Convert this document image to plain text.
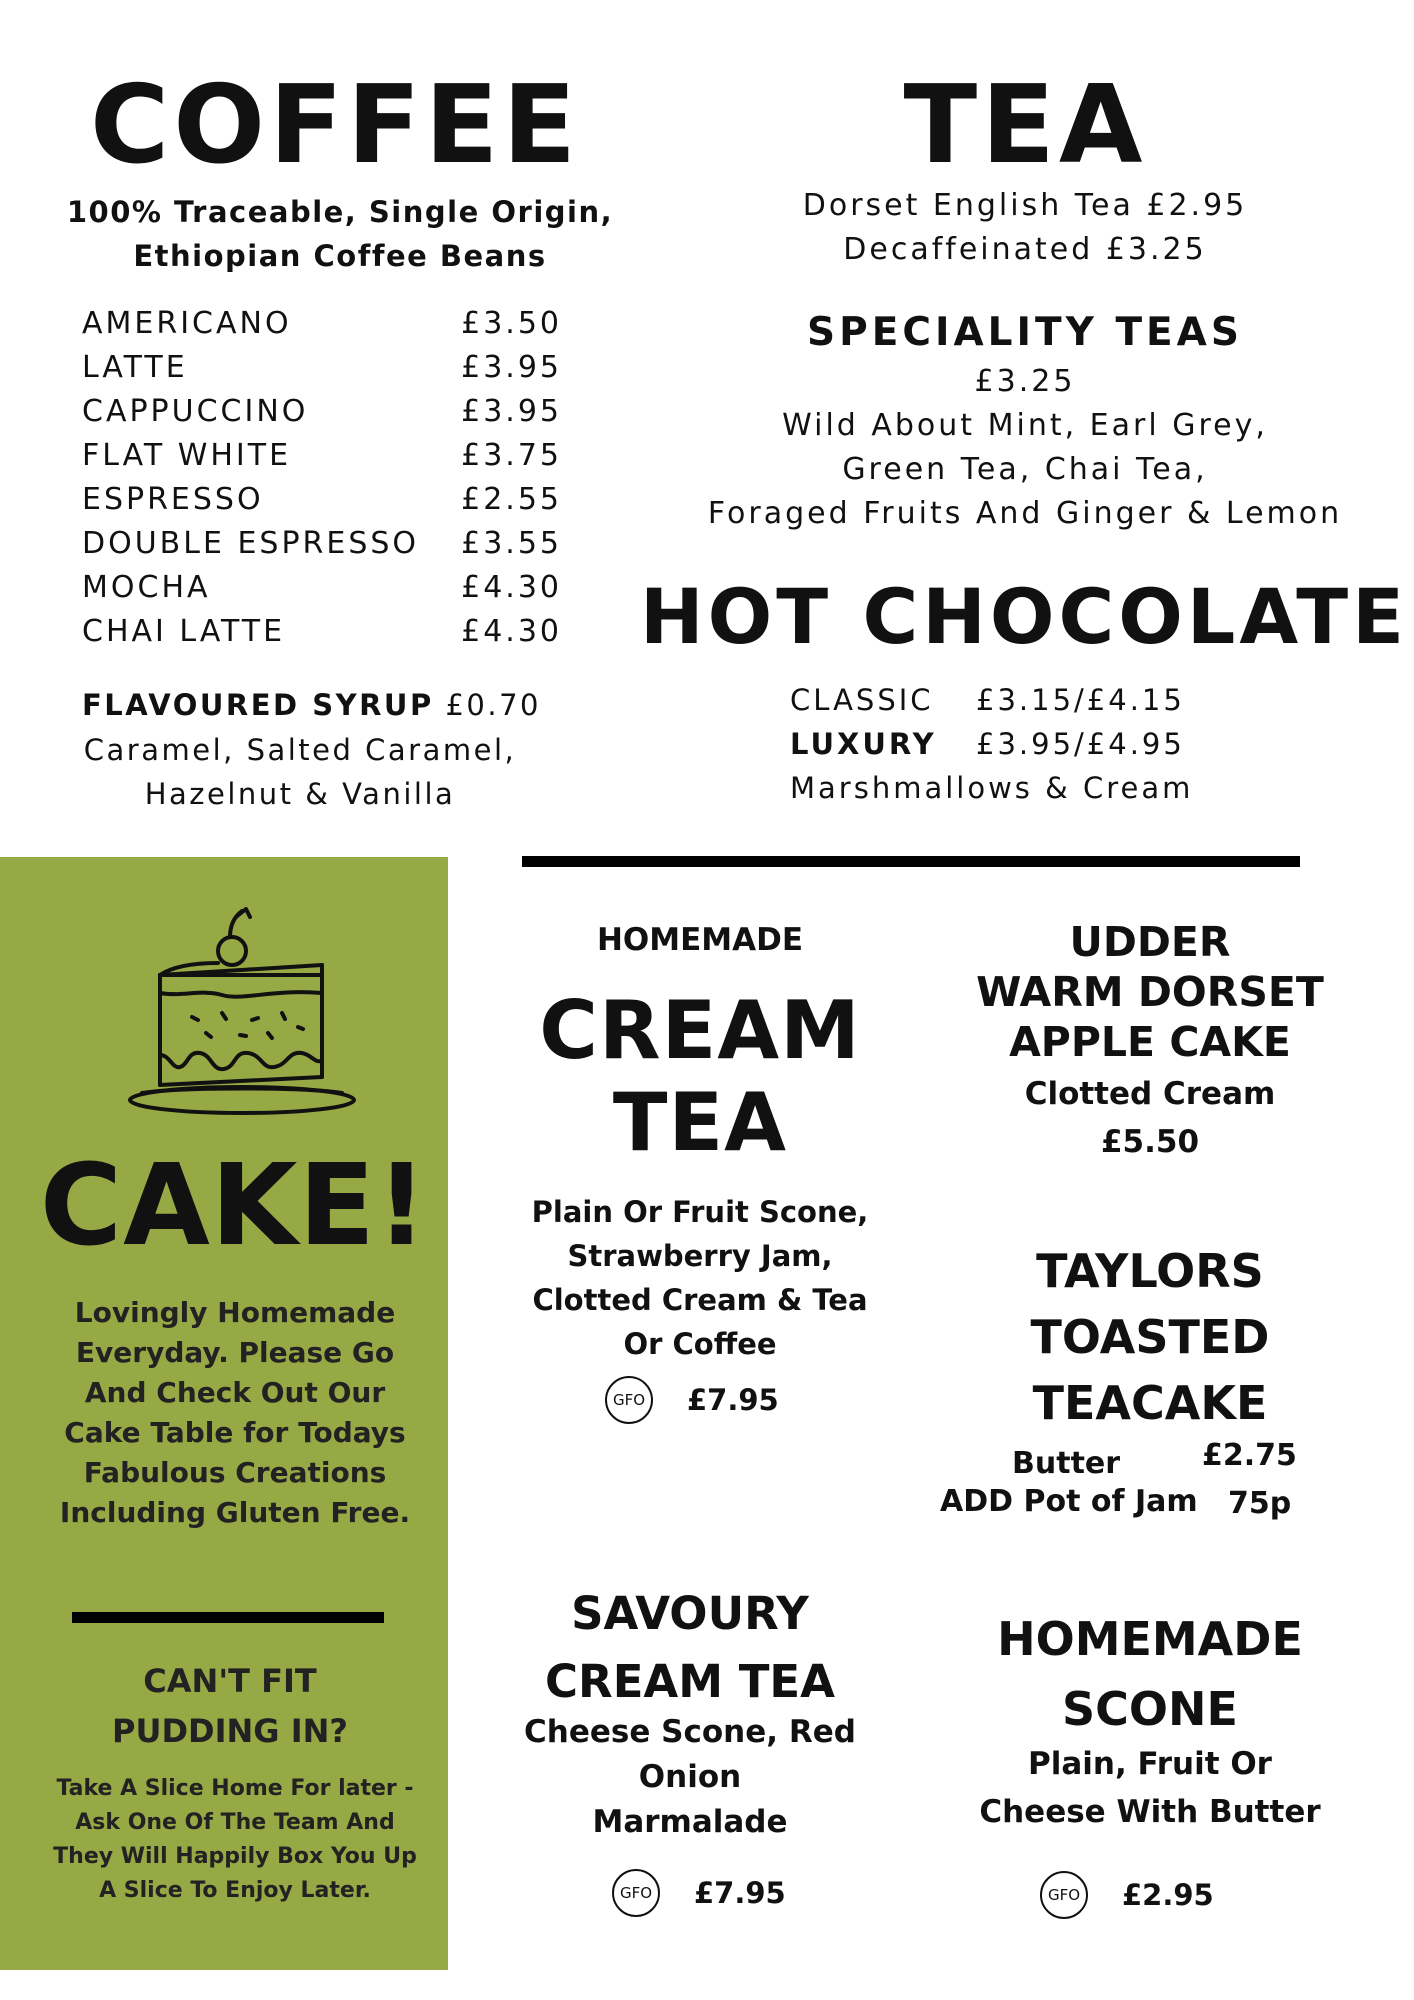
COFFEE
100% Traceable, Single Origin,
Ethiopian Coffee Beans
AMERICANO	£3.50
LATTE	£3.95
CAPPUCCINO	£3.95
FLAT WHITE	£3.75
ESPRESSO	£2.55
DOUBLE ESPRESSO £3.55
MOCHA	£4.30
CHAI LATTE	£4.30
FLAVOURED SYRUP £0.70
Caramel, Salted Caramel,
Hazelnut & Vanilla
TEA
Dorset English Tea £2.95
Decaffeinated £3.25
SPECIALITY TEAS
£3.25
Wild About Mint, Earl Grey,
Green Tea, Chai Tea,
Foraged Fruits And Ginger & Lemon
HOT CHOCOLATE
CLASSIC	£3.15/£4.15
LUXURY	£3.95/£4.95
Marshmallows & Cream
CAKE!
Lovingly Homemade
Everyday. Please Go
And Check Out Our
Cake Table for Todays
Fabulous Creations
Including Gluten Free.
CAN'T FIT
PUDDING IN?
Take A Slice Home For later -
Ask One Of The Team And
They Will Happily Box You Up
A Slice To Enjoy Later.
HOMEMADE
CREAM
TEA
Plain Or Fruit Scone,
Strawberry Jam,
Clotted Cream & Tea
Or Coffee
GFO £7.95
SAVOURY
CREAM TEA
Cheese Scone, Red
Onion
Marmalade
GFO £7.95
UDDER
WARM DORSET
APPLE CAKE
Clotted Cream
£5.50
TAYLORS
TOASTED
TEACAKE
Butter	£2.75
ADD Pot of Jam 75p
HOMEMADE
SCONE
Plain, Fruit Or
Cheese With Butter
GFO £2.95
